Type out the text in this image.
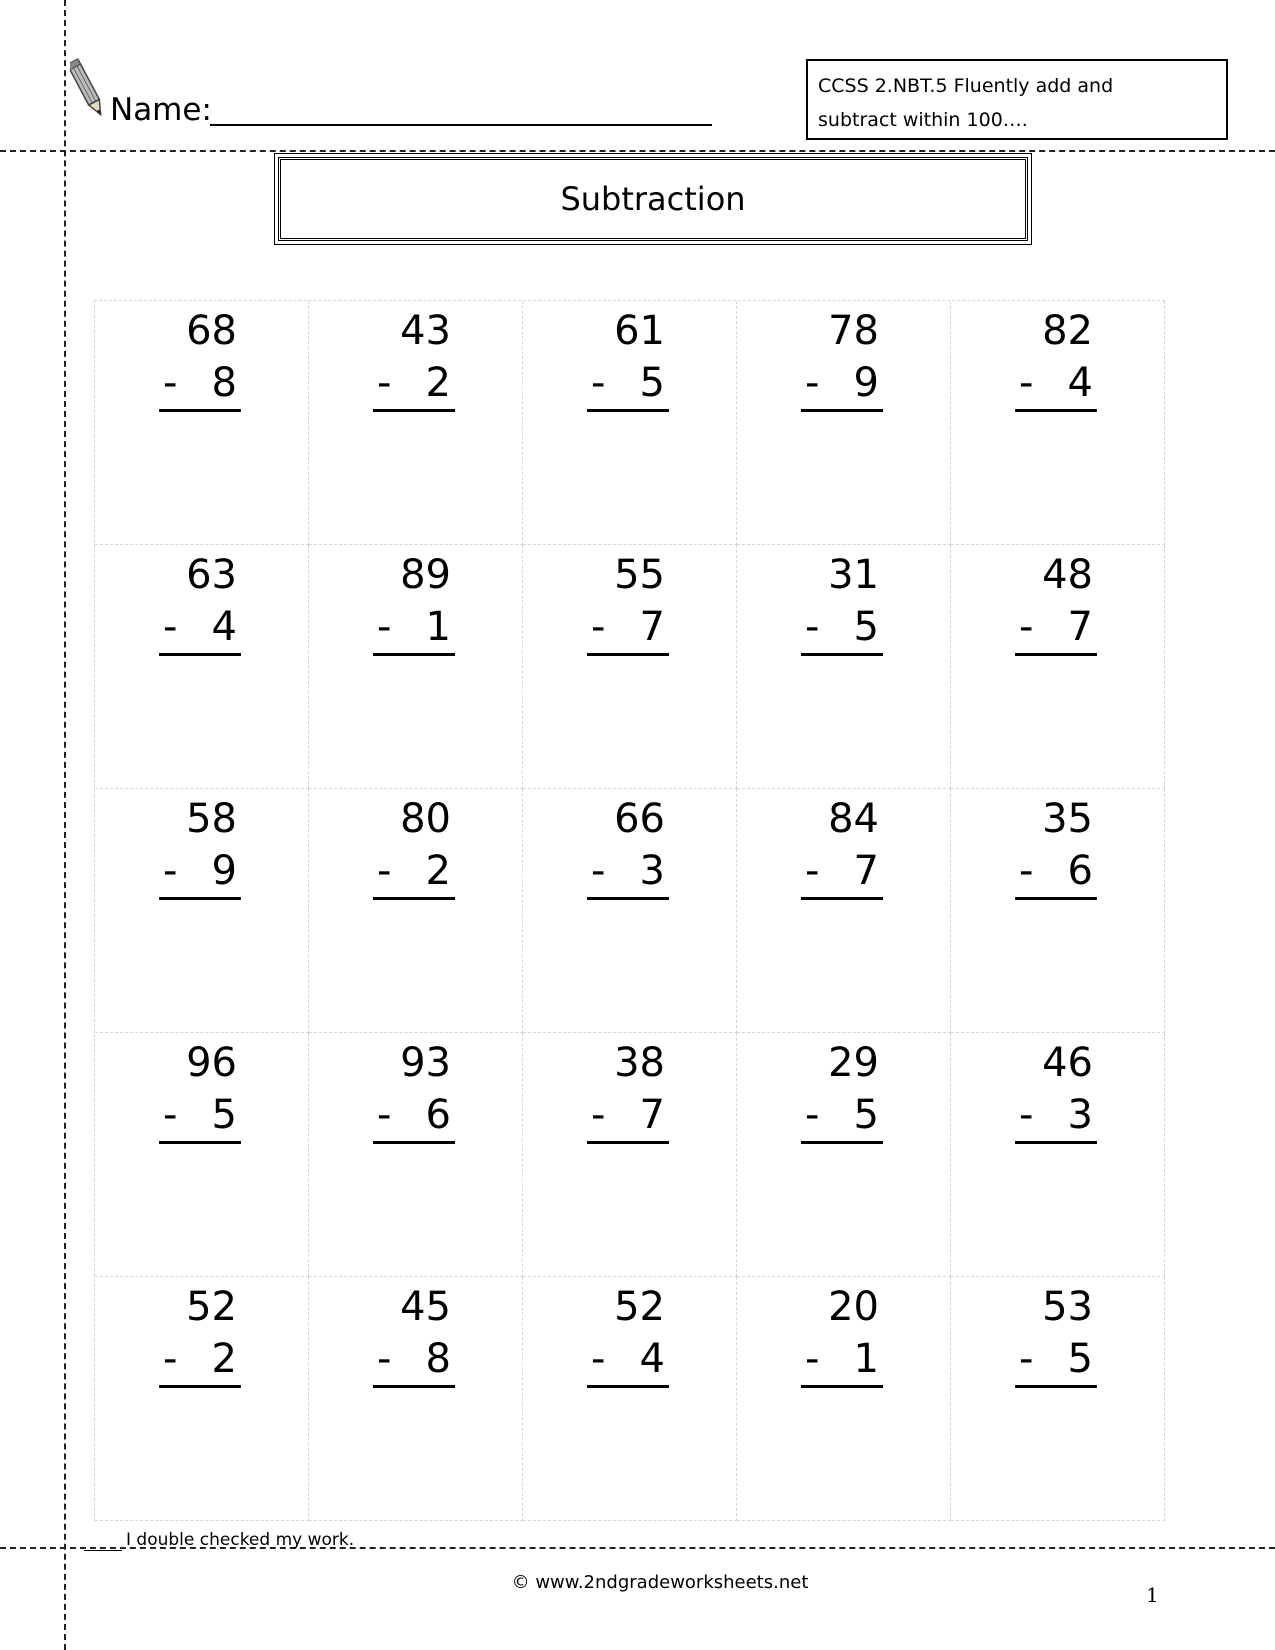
Name:
CCSS 2.NBT.5 Fluently add and
subtract within 100….
Subtraction
68
- 8
43
- 2
61
- 5
78
- 9
82
- 4
63
- 4
89
- 1
55
- 7
31
- 5
48
- 7
58
- 9
80
- 2
66
- 3
84
- 7
35
- 6
96
- 5
93
- 6
38
- 7
29
- 5
46
- 3
52
- 2
45
- 8
52
- 4
20
- 1
53
- 5
I double checked my work.
© www.2ndgradeworksheets.net
1
